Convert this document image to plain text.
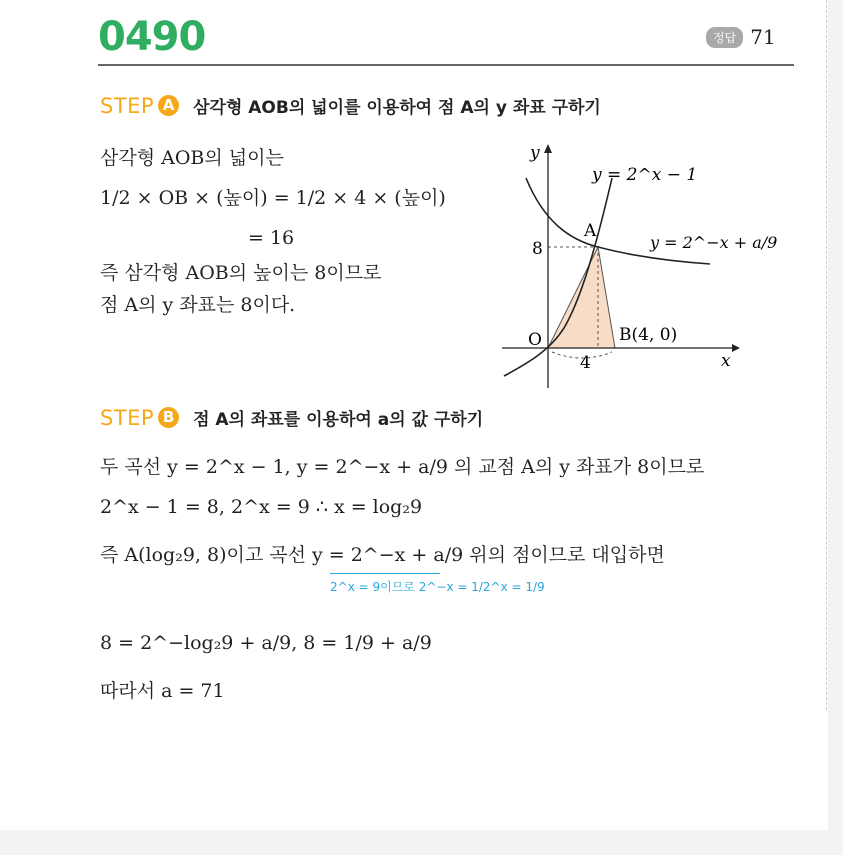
0490	정답 71
STEP A 삼각형 AOB의 넓이를 이용하여 점 A의 y 좌표 구하기
삼각형 AOB의 넓이는
1/2 × OB × (높이) = 1/2 × 4 × (높이)
= 16
즉 삼각형 AOB의 높이는 8이므로
점 A의 y 좌표는 8이다.
y
x
O
8
4
A
B(4, 0)
y = 2^x − 1
y = 2^−x + a/9
STEP B 점 A의 좌표를 이용하여 a의 값 구하기
두 곡선 y = 2^x − 1, y = 2^−x + a/9 의 교점 A의 y 좌표가 8이므로
2^x − 1 = 8, 2^x = 9 ∴ x = log₂9
즉 A(log₂9, 8)이고 곡선 y = 2^−x + a/9 위의 점이므로 대입하면
2^x = 9이므로 2^−x = 1/2^x = 1/9
8 = 2^−log₂9 + a/9, 8 = 1/9 + a/9
따라서 a = 71
